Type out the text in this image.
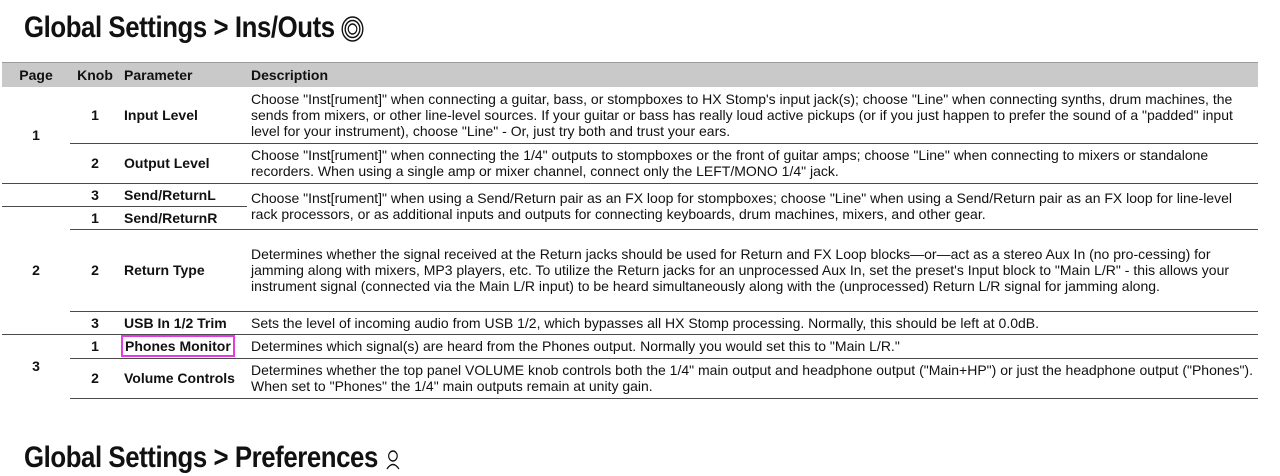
Global Settings > Ins/Outs
Page	Knob	Parameter	Description
1	1	Input Level	Choose "Inst[rument]" when connecting a guitar, bass, or stompboxes to HX Stomp's input jack(s); choose "Line" when connecting synths, drum machines, the sends from mixers, or other line-level sources. If your guitar or bass has really loud active pickups (or if you just happen to prefer the sound of a "padded" input level for your instrument), choose "Line" - Or, just try both and trust your ears.
	2	Output Level	Choose "Inst[rument]" when connecting the 1/4" outputs to stompboxes or the front of guitar amps; choose "Line" when connecting to mixers or standalone recorders. When using a single amp or mixer channel, connect only the LEFT/MONO 1/4" jack.
	3	Send/ReturnL	Choose "Inst[rument]" when using a Send/Return pair as an FX loop for stompboxes; choose "Line" when using a Send/Return pair as an FX loop for line-level rack processors, or as additional inputs and outputs for connecting keyboards, drum machines, mixers, and other gear.
2	1	Send/ReturnR	
	2	Return Type	Determines whether the signal received at the Return jacks should be used for Return and FX Loop blocks—or—act as a stereo Aux In (no pro-cessing) for jamming along with mixers, MP3 players, etc. To utilize the Return jacks for an unprocessed Aux In, set the preset's Input block to "Main L/R" - this allows your instrument signal (connected via the Main L/R input) to be heard simultaneously along with the (unprocessed) Return L/R signal for jamming along.
	3	USB In 1/2 Trim	Sets the level of incoming audio from USB 1/2, which bypasses all HX Stomp processing. Normally, this should be left at 0.0dB.
3	1	Phones Monitor	Determines which signal(s) are heard from the Phones output. Normally you would set this to "Main L/R."
	2	Volume Controls	Determines whether the top panel VOLUME knob controls both the 1/4" main output and headphone output ("Main+HP") or just the headphone output ("Phones"). When set to "Phones" the 1/4" main outputs remain at unity gain.
Global Settings > Preferences
